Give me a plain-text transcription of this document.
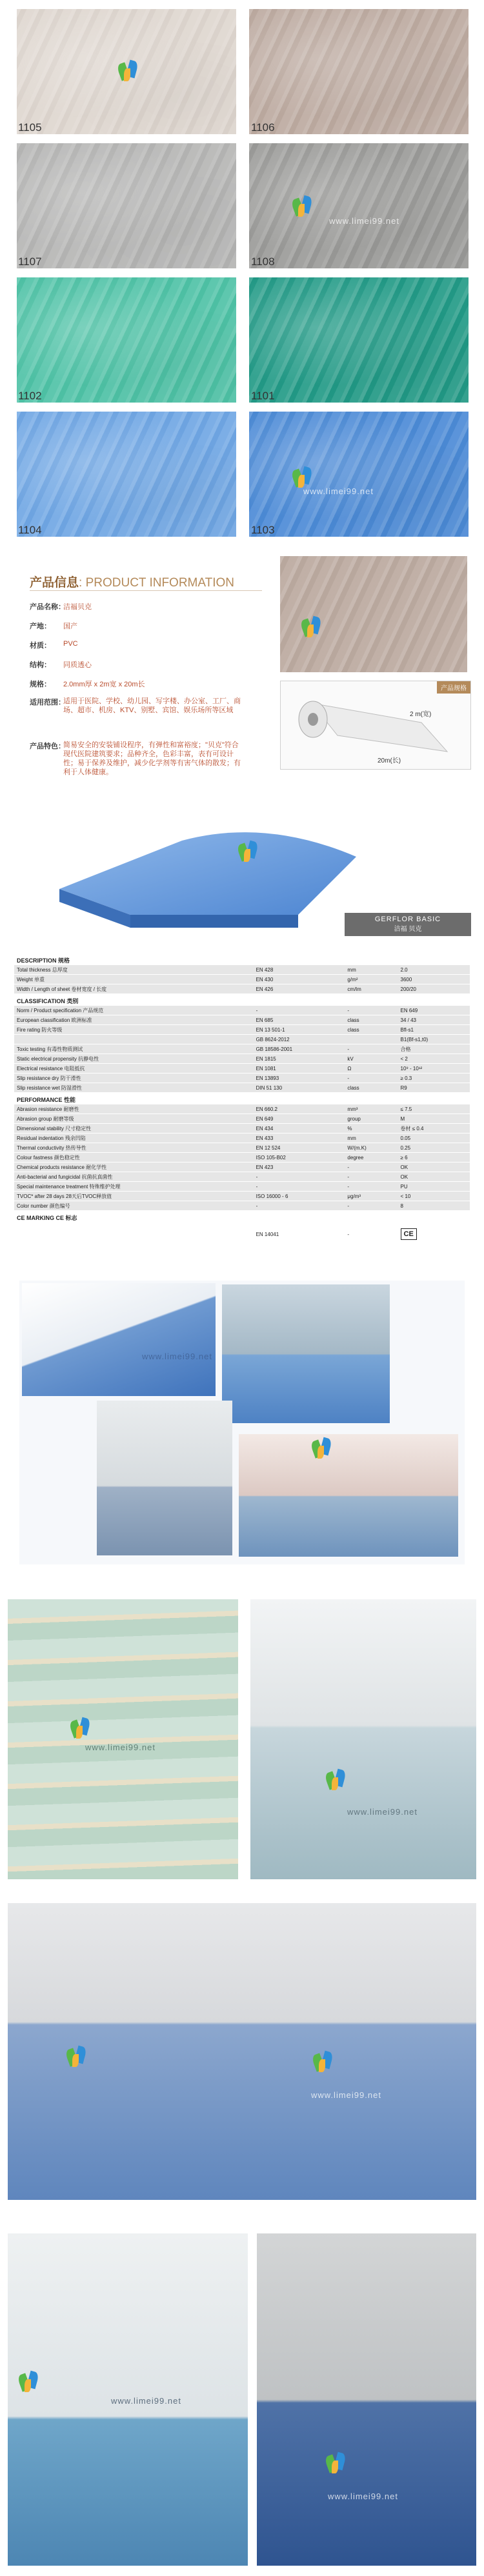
1105	1106
1107	1108
1102	1101
1104	1103
www.limei99.net
www.limei99.net
产品信息: PRODUCT INFORMATION
产品名称：
洁福贝克
产地： 国产
材质： PVC
结构： 同质透心
规格： 2.0mm厚 x 2m宽 x 20m长
适用范围：
适用于医院、学校、幼儿园、写字楼、办公室、工厂、商场、超市、机房、KTV、别墅、宾馆、娱乐场所等区域
产品特色：
简易安全的安装铺设程序，有弹性和富裕度；"贝克"符合现代医院建筑要求；品种齐全，色彩丰富，表有可设计性；易于保养及维护，减少化学剂等有害气体的散发；有利于人体健康。
产品规格
2 m(宽)
20m(长)
GERFLOR BASIC
洁福 贝克
DESCRIPTION 规格			
Total thickness 总厚度	EN 428	mm	2.0
Weight 单重	EN 430	g/m²	3600
Width / Length of sheet 卷材宽度 / 长度	EN 426	cm/lm	200/20
CLASSIFICATION 类别			
Norm / Product specification 产品规范	-	-	EN 649
European classification 欧洲标准	EN 685	class	34 / 43
Fire rating 防火等级	EN 13 501-1	class	Bfl-s1
	GB 8624-2012		B1(Bf-s1,t0)
Toxic testing 有毒性物质测试	GB 18586-2001	-	合格
Static electrical propensity 抗静电性	EN 1815	kV	< 2
Electrical resistance 电阻抵抗	EN 1081	Ω	10⁹ - 10¹²
Slip resistance dry 防干滑性	EN 13893	-	≥ 0.3
Slip resistance wet 防湿滑性	DIN 51 130	class	R9
PERFORMANCE 性能			
Abrasion resistance 耐磨性	EN 660.2	mm³	≤ 7.5
Abrasion group 耐磨等级	EN 649	group	M
Dimensional stability 尺寸稳定性	EN 434	%	卷材 ≤ 0.4
Residual indentation 残余凹陷	EN 433	mm	0.05
Thermal conductivity 热传导性	EN 12 524	W/(m.K)	0.25
Colour fastness 颜色稳定性	ISO 105-B02	degree	≥ 6
Chemical products resistance 耐化学性	EN 423	-	OK
Anti-bacterial and fungicidal 抗菌抗真菌性	-	-	OK
Special maintenance treatment 特殊维护处理	-	-	PU
TVOC* after 28 days 28天后TVOC释放值	ISO 16000 - 6	μg/m³	< 10
Color number 颜色编号	-	-	8
CE MARKING CE 标志			
	EN 14041	-	CE
www.limei99.net
www.limei99.net
www.limei99.net
www.limei99.net
www.limei99.net
www.limei99.net
